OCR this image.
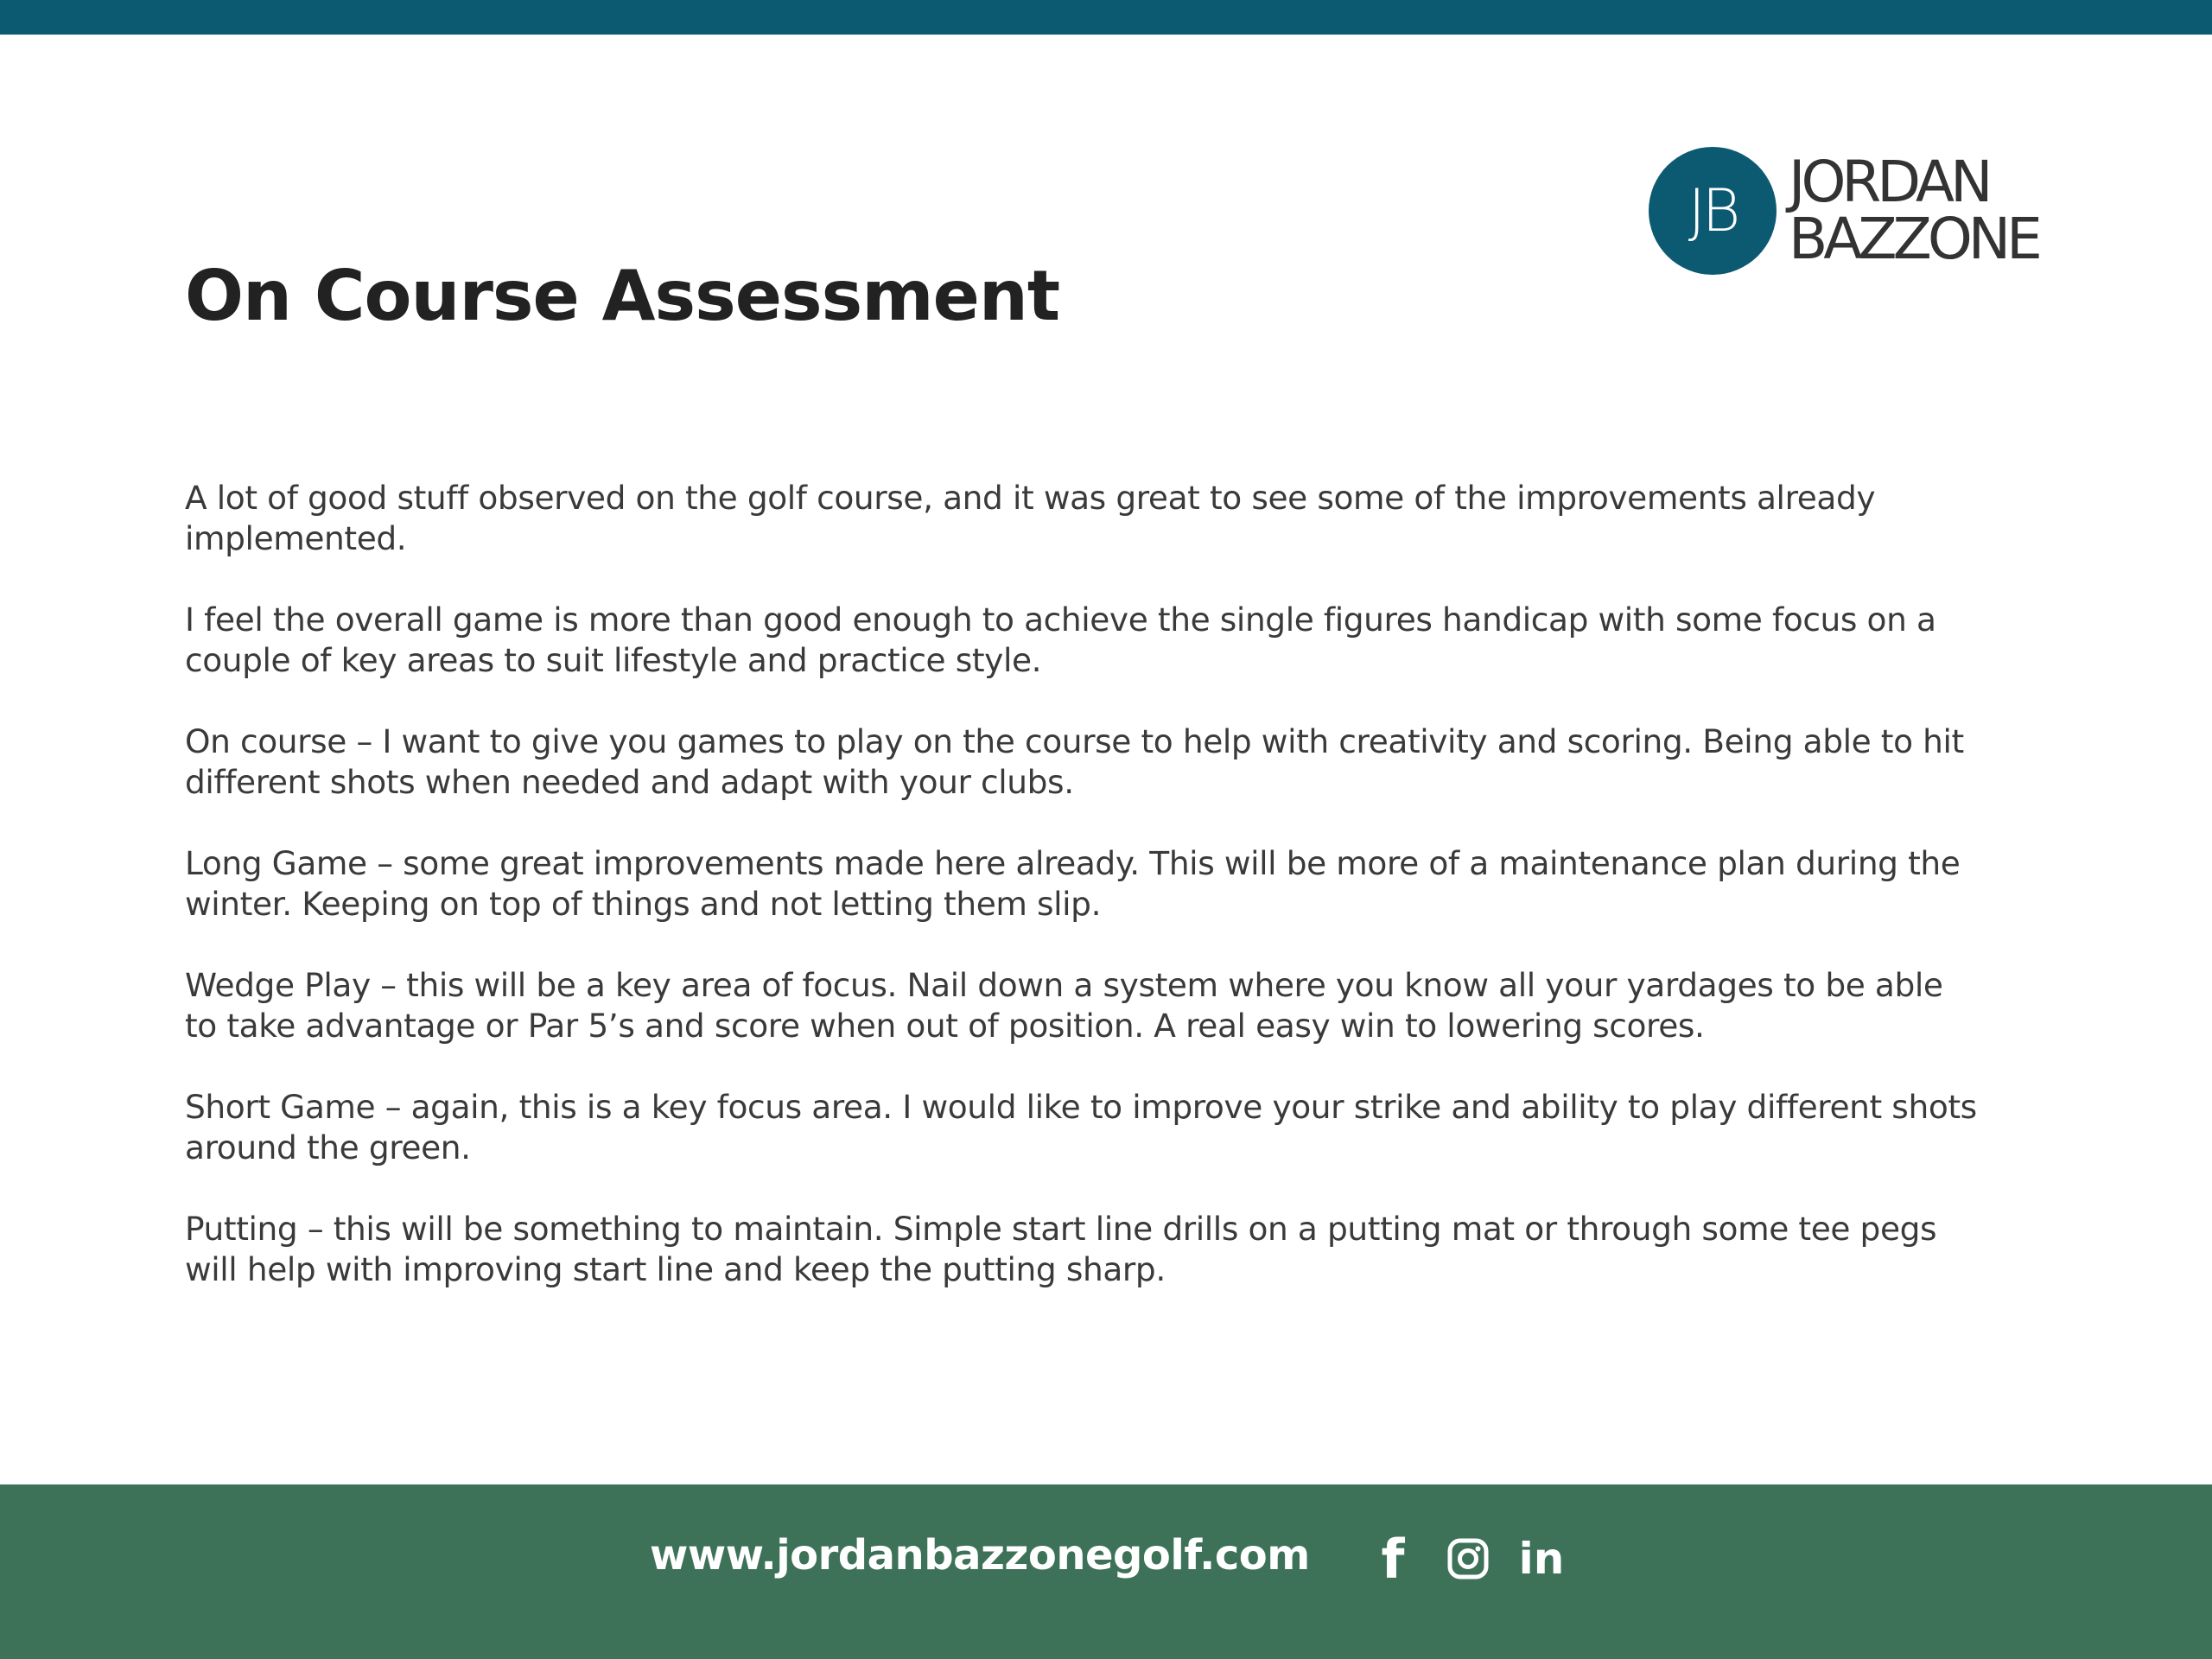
JB JORDAN
BAZZONE
On Course Assessment

A lot of good stuff observed on the golf course, and it was great to see some of the improvements already implemented.

I feel the overall game is more than good enough to achieve the single figures handicap with some focus on a couple of key areas to suit lifestyle and practice style.

On course – I want to give you games to play on the course to help with creativity and scoring. Being able to hit different shots when needed and adapt with your clubs.

Long Game – some great improvements made here already. This will be more of a maintenance plan during the winter. Keeping on top of things and not letting them slip.

Wedge Play – this will be a key area of focus. Nail down a system where you know all your yardages to be able to take advantage or Par 5’s and score when out of position. A real easy win to lowering scores.

Short Game – again, this is a key focus area. I would like to improve your strike and ability to play different shots around the green.

Putting – this will be something to maintain. Simple start line drills on a putting mat or through some tee pegs will help with improving start line and keep the putting sharp.

www.jordanbazzonegolf.com f	in
